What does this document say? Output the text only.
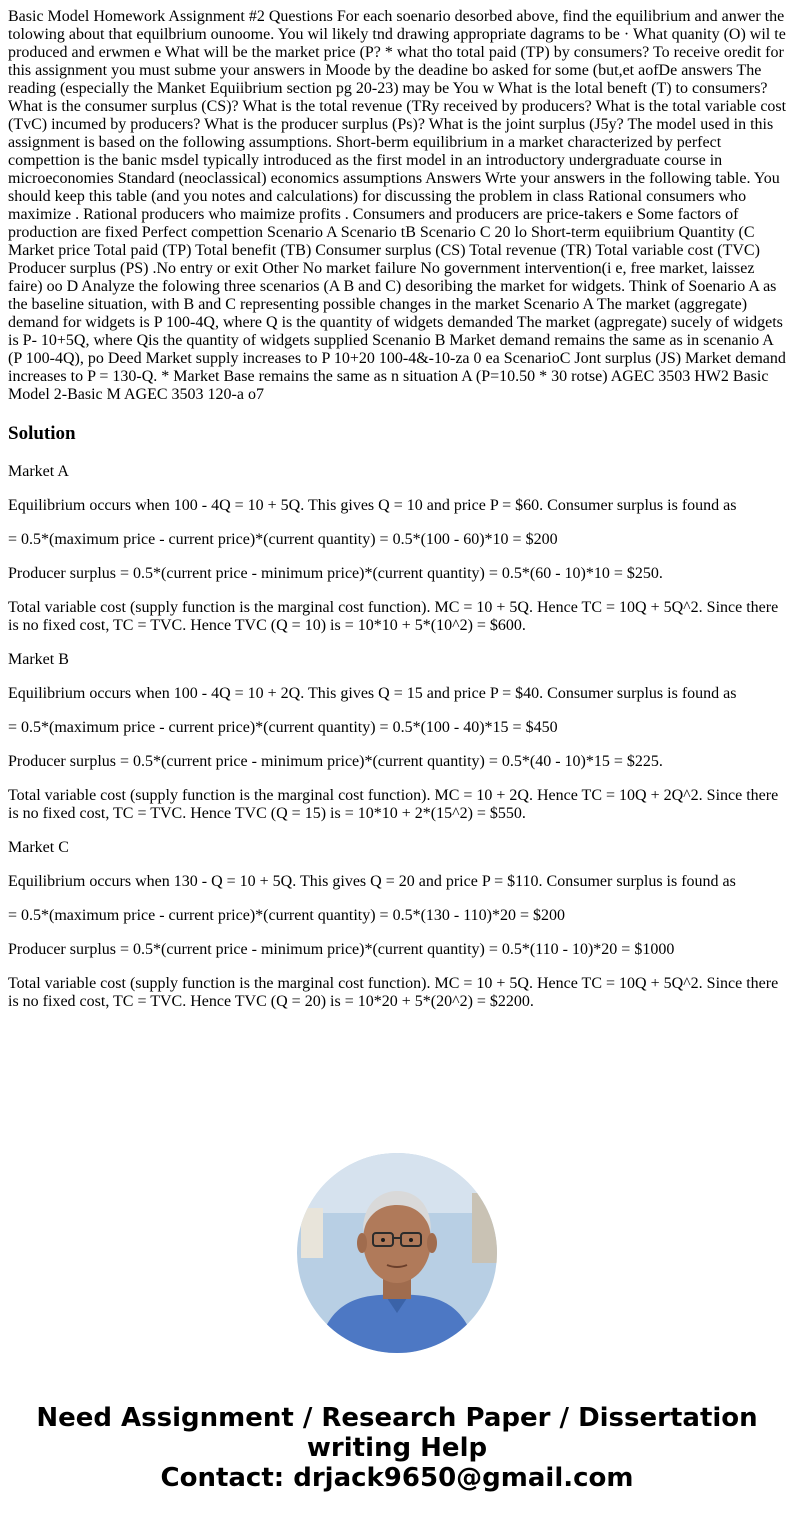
Basic Model Homework Assignment #2 Questions For each soenario desorbed above, find the equilibrium and anwer the tolowing about that equilbrium ounoome. You wil likely tnd drawing appropriate dagrams to be · What quanity (O) wil te produced and erwmen e What will be the market price (P? * what tho total paid (TP) by consumers? To receive oredit for this assignment you must subme your answers in Moode by the deadine bo asked for some (but,et aofDe answers The reading (especially the Manket Equiibrium section pg 20-23) may be You w What is the lotal beneft (T) to consumers? What is the consumer surplus (CS)? What is the total revenue (TRy received by producers? What is the total variable cost (TvC) incumed by producers? What is the producer surplus (Ps)? What is the joint surplus (J5y? The model used in this assignment is based on the following assumptions. Short-berm equilibrium in a market characterized by perfect compettion is the banic msdel typically introduced as the first model in an introductory undergraduate course in microeconomies Standard (neoclassical) economics assumptions Answers Wrte your answers in the following table. You should keep this table (and you notes and calculations) for discussing the problem in class Rational consumers who maximize . Rational producers who maimize profits . Consumers and producers are price-takers e Some factors of production are fixed Perfect compettion Scenario A Scenario tB Scenario C 20 lo Short-term equiibrium Quantity (C Market price Total paid (TP) Total benefit (TB) Consumer surplus (CS) Total revenue (TR) Total variable cost (TVC) Producer surplus (PS) .No entry or exit Other No market failure No government intervention(i e, free market, laissez faire) oo D Analyze the folowing three scenarios (A B and C) desoribing the market for widgets. Think of Soenario A as the baseline situation, with B and C representing possible changes in the market Scenario A The market (aggregate) demand for widgets is P 100-4Q, where Q is the quantity of widgets demanded The market (agpregate) sucely of widgets is P- 10+5Q, where Qis the quantity of widgets supplied Scenanio B Market demand remains the same as in scenanio A (P 100-4Q), po Deed Market supply increases to P 10+20 100-4&-10-za 0 ea ScenarioC Jont surplus (JS) Market demand increases to P = 130-Q. * Market Base remains the same as n situation A (P=10.50 * 30 rotse) AGEC 3503 HW2 Basic Model 2-Basic M AGEC 3503 120-a o7

Solution

Market A

Equilibrium occurs when 100 - 4Q = 10 + 5Q. This gives Q = 10 and price P = $60. Consumer surplus is found as

= 0.5*(maximum price - current price)*(current quantity) = 0.5*(100 - 60)*10 = $200

Producer surplus = 0.5*(current price - minimum price)*(current quantity) = 0.5*(60 - 10)*10 = $250.

Total variable cost (supply function is the marginal cost function). MC = 10 + 5Q. Hence TC = 10Q + 5Q^2. Since there is no fixed cost, TC = TVC. Hence TVC (Q = 10) is = 10*10 + 5*(10^2) = $600.

Market B

Equilibrium occurs when 100 - 4Q = 10 + 2Q. This gives Q = 15 and price P = $40. Consumer surplus is found as

= 0.5*(maximum price - current price)*(current quantity) = 0.5*(100 - 40)*15 = $450

Producer surplus = 0.5*(current price - minimum price)*(current quantity) = 0.5*(40 - 10)*15 = $225.

Total variable cost (supply function is the marginal cost function). MC = 10 + 2Q. Hence TC = 10Q + 2Q^2. Since there is no fixed cost, TC = TVC. Hence TVC (Q = 15) is = 10*10 + 2*(15^2) = $550.

Market C

Equilibrium occurs when 130 - Q = 10 + 5Q. This gives Q = 20 and price P = $110. Consumer surplus is found as

= 0.5*(maximum price - current price)*(current quantity) = 0.5*(130 - 110)*20 = $200

Producer surplus = 0.5*(current price - minimum price)*(current quantity) = 0.5*(110 - 10)*20 = $1000

Total variable cost (supply function is the marginal cost function). MC = 10 + 5Q. Hence TC = 10Q + 5Q^2. Since there is no fixed cost, TC = TVC. Hence TVC (Q = 20) is = 10*20 + 5*(20^2) = $2200.

Need Assignment / Research Paper / Dissertation
writing Help
Contact: drjack9650@gmail.com
